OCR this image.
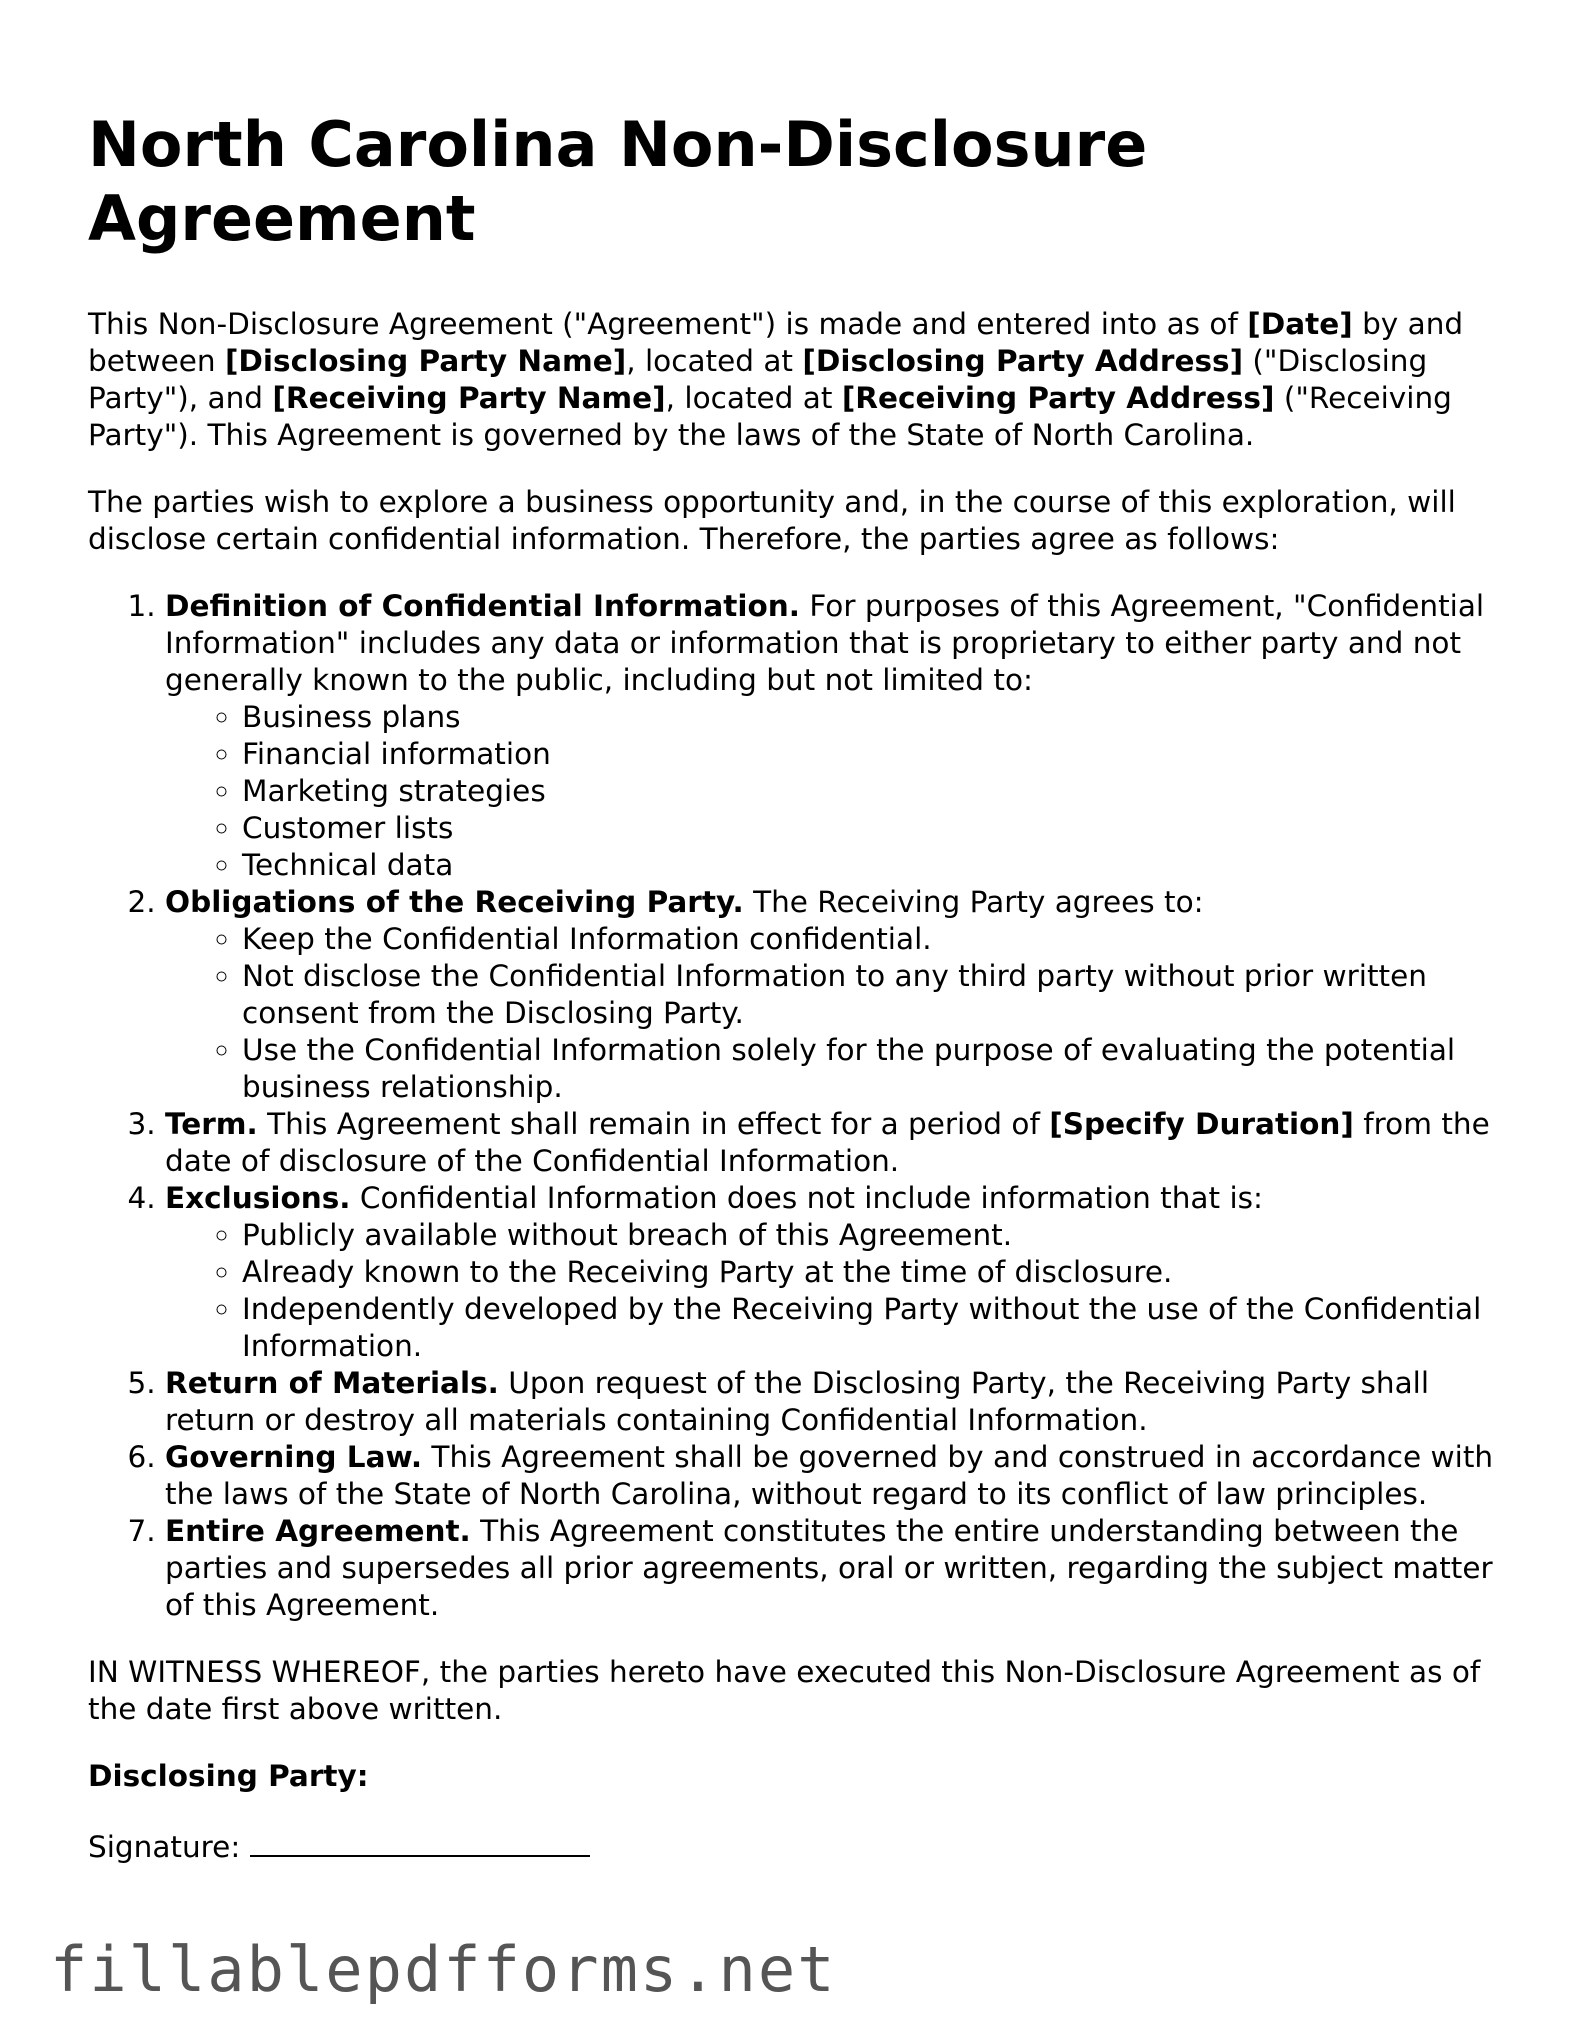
North Carolina Non-Disclosure Agreement

This Non-Disclosure Agreement ("Agreement") is made and entered into as of [Date] by and between [Disclosing Party Name], located at [Disclosing Party Address] ("Disclosing Party"), and [Receiving Party Name], located at [Receiving Party Address] ("Receiving Party"). This Agreement is governed by the laws of the State of North Carolina.

The parties wish to explore a business opportunity and, in the course of this exploration, will disclose certain confidential information. Therefore, the parties agree as follows:

1. Definition of Confidential Information. For purposes of this Agreement, "Confidential Information" includes any data or information that is proprietary to either party and not generally known to the public, including but not limited to:
◦ Business plans
◦ Financial information
◦ Marketing strategies
◦ Customer lists
◦ Technical data
2. Obligations of the Receiving Party. The Receiving Party agrees to:
◦ Keep the Confidential Information confidential.
◦ Not disclose the Confidential Information to any third party without prior written consent from the Disclosing Party.
◦ Use the Confidential Information solely for the purpose of evaluating the potential business relationship.
3. Term. This Agreement shall remain in effect for a period of [Specify Duration] from the date of disclosure of the Confidential Information.
4. Exclusions. Confidential Information does not include information that is:
◦ Publicly available without breach of this Agreement.
◦ Already known to the Receiving Party at the time of disclosure.
◦ Independently developed by the Receiving Party without the use of the Confidential Information.
5. Return of Materials. Upon request of the Disclosing Party, the Receiving Party shall return or destroy all materials containing Confidential Information.
6. Governing Law. This Agreement shall be governed by and construed in accordance with the laws of the State of North Carolina, without regard to its conflict of law principles.
7. Entire Agreement. This Agreement constitutes the entire understanding between the parties and supersedes all prior agreements, oral or written, regarding the subject matter of this Agreement.

IN WITNESS WHEREOF, the parties hereto have executed this Non-Disclosure Agreement as of the date first above written.

Disclosing Party:
Signature:
fillablepdfforms.net
